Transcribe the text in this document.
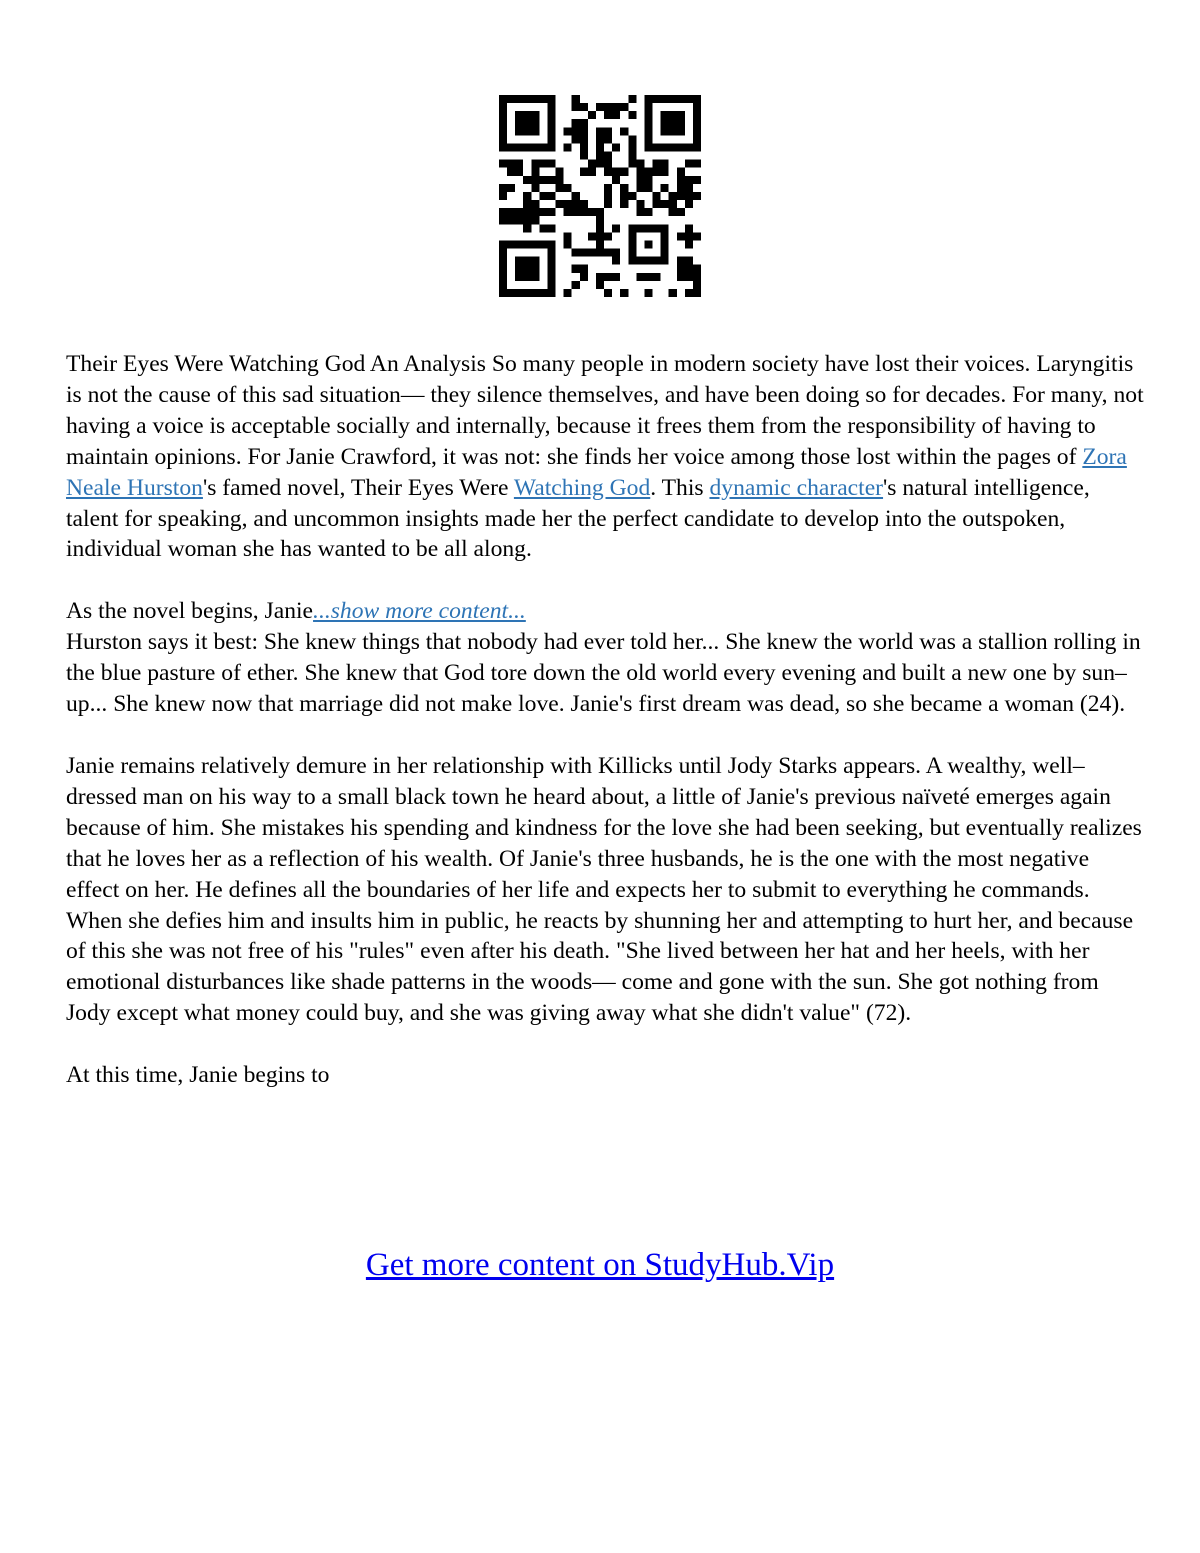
Their Eyes Were Watching God An Analysis So many people in modern society have lost their voices. Laryngitis is not the cause of this sad situation— they silence themselves, and have been doing so for decades. For many, not having a voice is acceptable socially and internally, because it frees them from the responsibility of having to maintain opinions. For Janie Crawford, it was not: she finds her voice among those lost within the pages of Zora Neale Hurston's famed novel, Their Eyes Were Watching God. This dynamic character's natural intelligence, talent for speaking, and uncommon insights made her the perfect candidate to develop into the outspoken, individual woman she has wanted to be all along.

As the novel begins, Janie...show more content...
Hurston says it best: She knew things that nobody had ever told her... She knew the world was a stallion rolling in the blue pasture of ether. She knew that God tore down the old world every evening and built a new one by sun–up... She knew now that marriage did not make love. Janie's first dream was dead, so she became a woman (24).

Janie remains relatively demure in her relationship with Killicks until Jody Starks appears. A wealthy, well–dressed man on his way to a small black town he heard about, a little of Janie's previous naïveté emerges again because of him. She mistakes his spending and kindness for the love she had been seeking, but eventually realizes that he loves her as a reflection of his wealth. Of Janie's three husbands, he is the one with the most negative effect on her. He defines all the boundaries of her life and expects her to submit to everything he commands. When she defies him and insults him in public, he reacts by shunning her and attempting to hurt her, and because of this she was not free of his "rules" even after his death. "She lived between her hat and her heels, with her emotional disturbances like shade patterns in the woods— come and gone with the sun. She got nothing from Jody except what money could buy, and she was giving away what she didn't value" (72).

At this time, Janie begins to

Get more content on StudyHub.Vip
